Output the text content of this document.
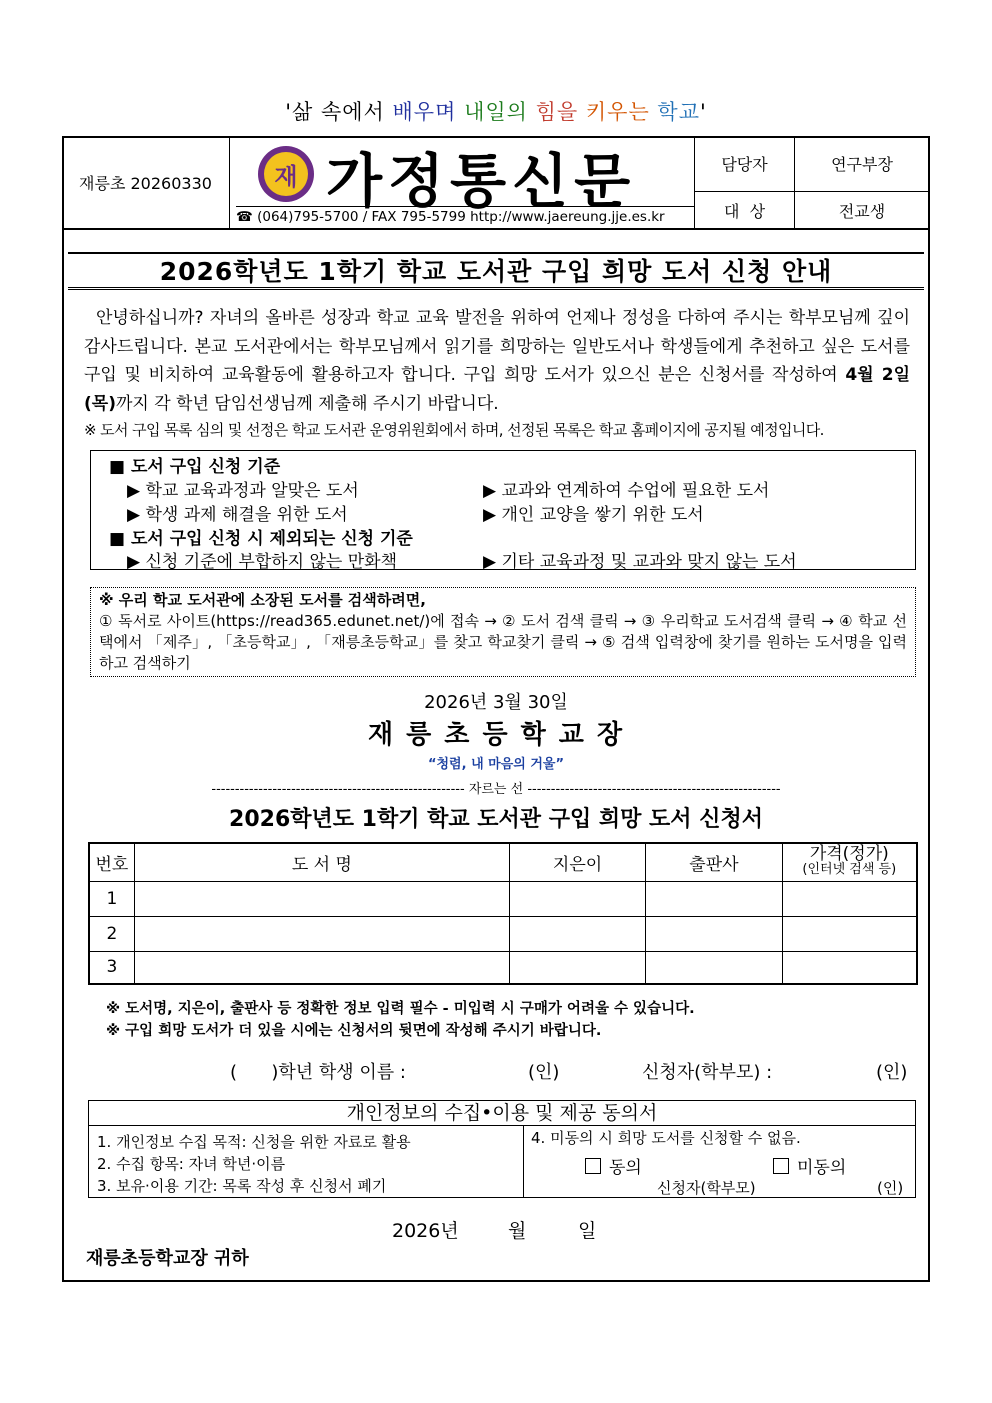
'삶 속에서 배우며 내일의 힘을 키우는 학교'
재릉초 20260330	재 가정통신문
☎ (064)795-5700 / FAX 795-5799 http://www.jaereung.jje.es.kr
담당자	연구부장
대  상	전교생
2026학년도 1학기 학교 도서관 구입 희망 도서 신청 안내

안녕하십니까? 자녀의 올바른 성장과 학교 교육 발전을 위하여 언제나 정성을 다하여 주시는 학부모님께 깊이 감사드립니다. 본교 도서관에서는 학부모님께서 읽기를 희망하는 일반도서나 학생들에게 추천하고 싶은 도서를 구입 및 비치하여 교육활동에 활용하고자 합니다. 구입 희망 도서가 있으신 분은 신청서를 작성하여 4월 2일(목)까지 각 학년 담임선생님께 제출해 주시기 바랍니다.

※ 도서 구입 목록 심의 및 선정은 학교 도서관 운영위원회에서 하며, 선정된 목록은 학교 홈페이지에 공지될 예정입니다.
■ 도서 구입 신청 기준
▶ 학교 교육과정과 알맞은 도서	▶ 교과와 연계하여 수업에 필요한 도서
▶ 학생 과제 해결을 위한 도서	▶ 개인 교양을 쌓기 위한 도서
■ 도서 구입 신청 시 제외되는 신청 기준
▶ 신청 기준에 부합하지 않는 만화책	▶ 기타 교육과정 및 교과와 맞지 않는 도서
※ 우리 학교 도서관에 소장된 도서를 검색하려면,
① 독서로 사이트(https://read365.edunet.net/)에 접속 → ② 도서 검색 클릭 → ③ 우리학교 도서검색 클릭 → ④ 학교 선택에서 「제주」, 「초등학교」, 「재릉초등학교」를 찾고 학교찾기 클릭 → ⑤ 검색 입력창에 찾기를 원하는 도서명을 입력하고 검색하기
2026년 3월 30일
재 릉 초 등 학 교 장
“청렴, 내 마음의 거울”
------------------------------------------------------ 자르는 선 ------------------------------------------------------
2026학년도 1학기 학교 도서관 구입 희망 도서 신청서
번호	도 서 명	지은이	출판사	가격(정가)
(인터넷 검색 등)

1				
2				
3				
※ 도서명, 지은이, 출판사 등 정확한 정보 입력 필수 - 미입력 시 구매가 어려울 수 있습니다.
※ 구입 희망 도서가 더 있을 시에는 신청서의 뒷면에 작성해 주시기 바랍니다.
(      )학년 학생 이름 :	(인)	신청자(학부모) :	(인)
개인정보의 수집•이용 및 제공 동의서
1. 개인정보 수집 목적: 신청을 위한 자료로 활용
2. 수집 항목: 자녀 학년·이름
3. 보유·이용 기간: 목록 작성 후 신청서 폐기
4. 미동의 시 희망 도서를 신청할 수 없음.
동의	미동의
신청자(학부모)	(인)
2026년	월	일
재릉초등학교장 귀하
